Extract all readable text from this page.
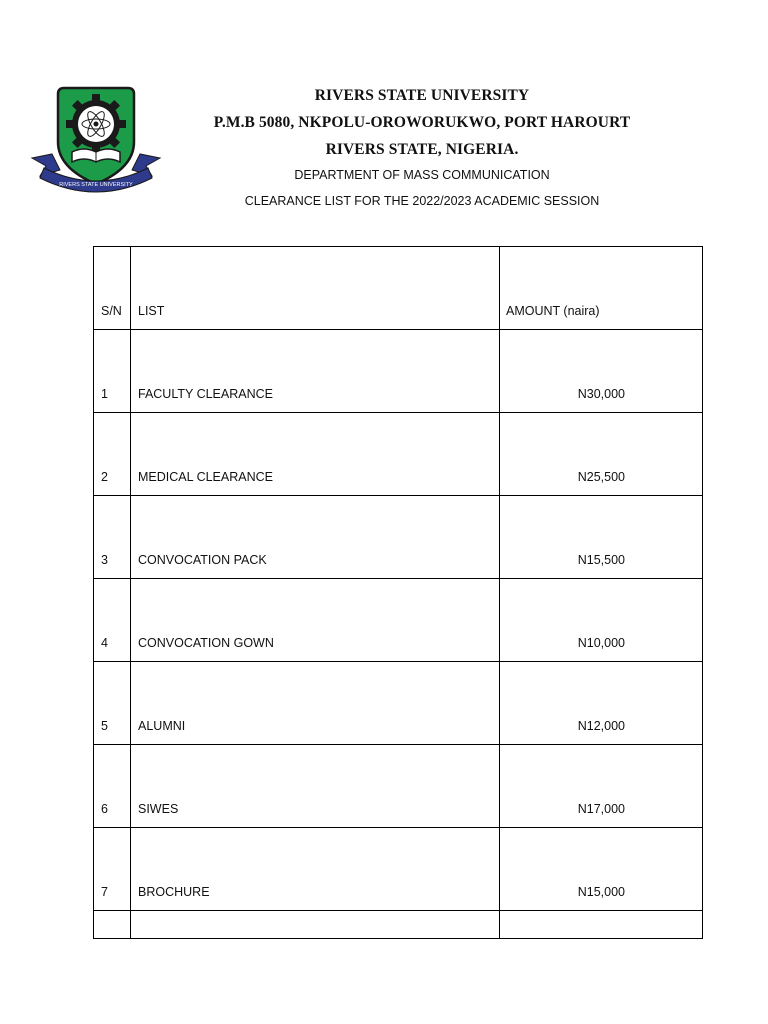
RIVERS STATE UNIVERSITY
RIVERS STATE UNIVERSITY
P.M.B 5080, NKPOLU-OROWORUKWO, PORT HAROURT
RIVERS STATE, NIGERIA.
DEPARTMENT OF MASS COMMUNICATION
CLEARANCE LIST FOR THE 2022/2023 ACADEMIC SESSION
S/N	LIST	AMOUNT (naira)
1	FACULTY CLEARANCE	N30,000
2	MEDICAL CLEARANCE	N25,500
3	CONVOCATION PACK	N15,500
4	CONVOCATION GOWN	N10,000
5	ALUMNI	N12,000
6	SIWES	N17,000
7	BROCHURE	N15,000
